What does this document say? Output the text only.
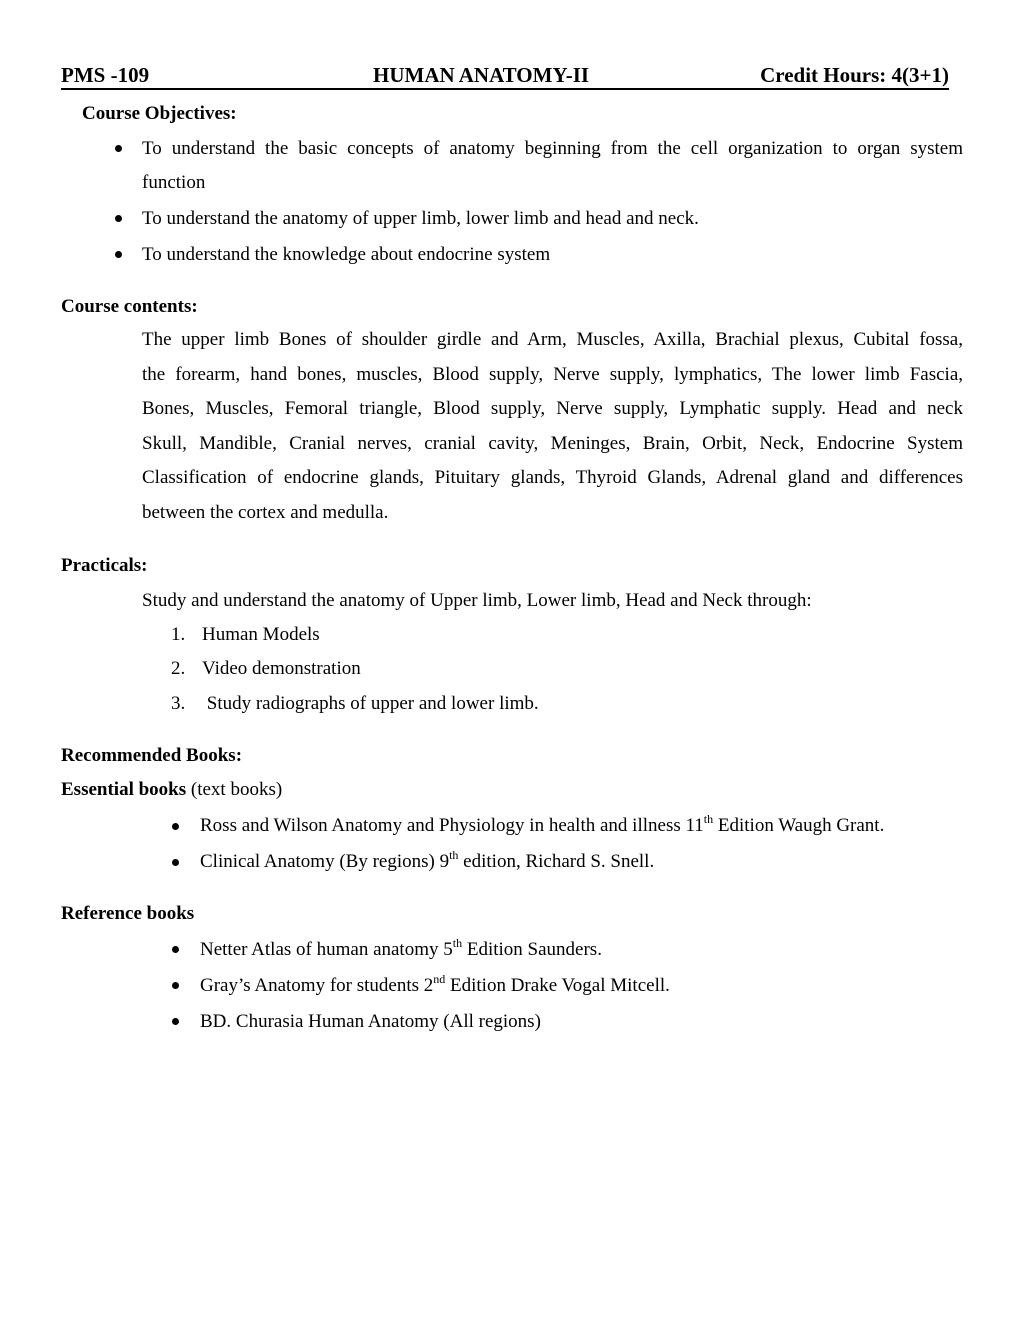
PMS -109	HUMAN ANATOMY-II	Credit Hours: 4(3+1)
Course Objectives:
To understand the basic concepts of anatomy beginning from the cell organization to organ system
function
To understand the anatomy of upper limb, lower limb and head and neck.
To understand the knowledge about endocrine system
Course contents:
The upper limb Bones of shoulder girdle and Arm, Muscles, Axilla, Brachial plexus, Cubital fossa,
the forearm, hand bones, muscles, Blood supply, Nerve supply, lymphatics, The lower limb Fascia,
Bones, Muscles, Femoral triangle, Blood supply, Nerve supply, Lymphatic supply. Head and neck
Skull, Mandible, Cranial nerves, cranial cavity, Meninges, Brain, Orbit, Neck, Endocrine System
Classification of endocrine glands, Pituitary glands, Thyroid Glands, Adrenal gland and differences
between the cortex and medulla.
Practicals:
Study and understand the anatomy of Upper limb, Lower limb, Head and Neck through:
1. Human Models
2. Video demonstration
3. Study radiographs of upper and lower limb.
Recommended Books:
Essential books (text books)
Ross and Wilson Anatomy and Physiology in health and illness 11th Edition Waugh Grant.
Clinical Anatomy (By regions) 9th edition, Richard S. Snell.
Reference books
Netter Atlas of human anatomy 5th Edition Saunders.
Gray’s Anatomy for students 2nd Edition Drake Vogal Mitcell.
BD. Churasia Human Anatomy (All regions)
